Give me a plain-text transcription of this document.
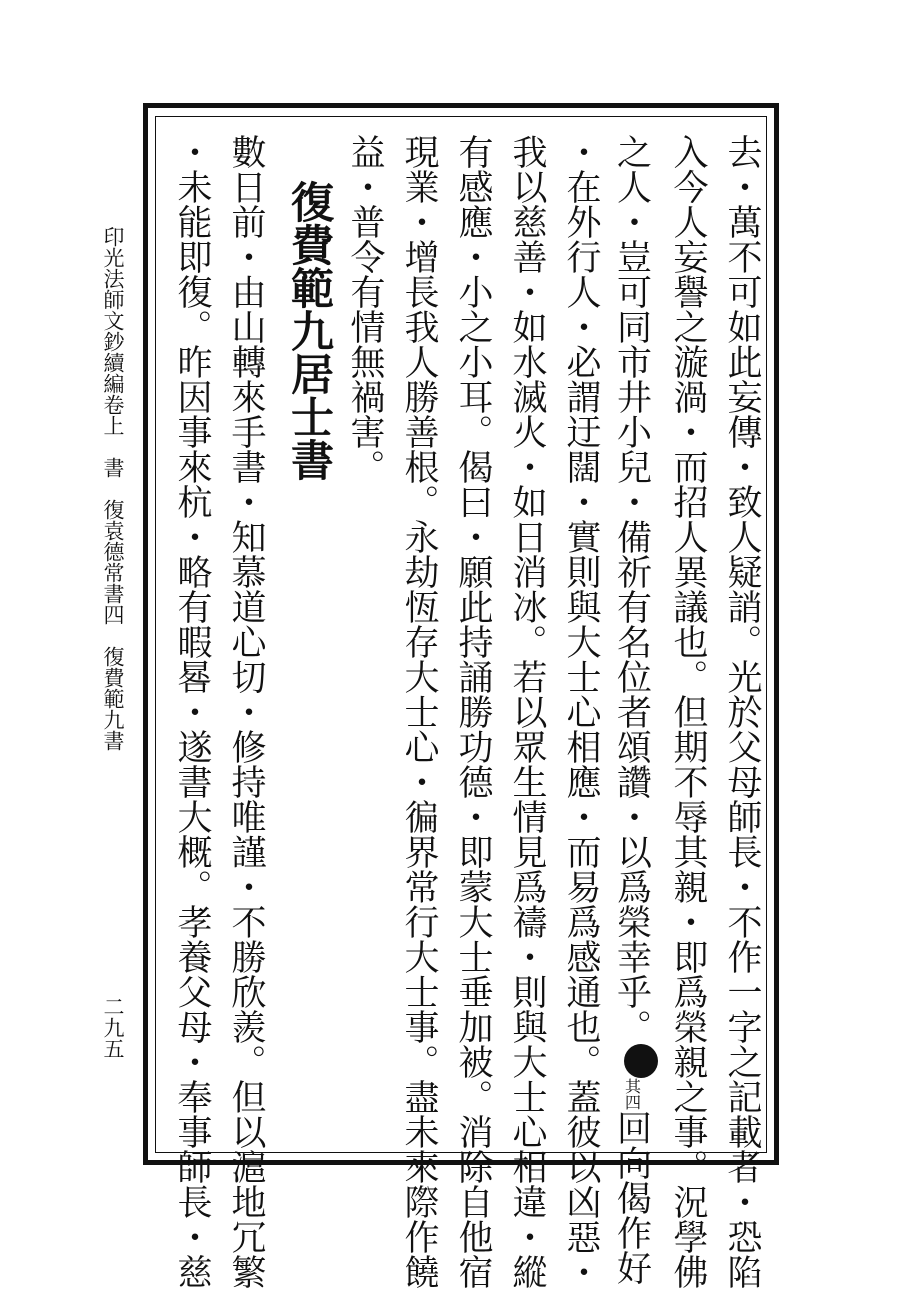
印光法師文鈔續編卷上　書　復袁德常書四　復費範九書
二九五	去・萬不可如此妄傳・致人疑誚。光於父母師長・不作一字之記載者・恐陷
入今人妄譽之漩渦・而招人異議也。但期不辱其親・即爲榮親之事。況學佛
之人・豈可同市井小兒・備祈有名位者頌讚・以爲榮幸乎。其四回向偈作好
・在外行人・必謂迂闊・實則與大士心相應・而易爲感通也。蓋彼以凶惡・
我以慈善・如水滅火・如日消冰。若以眾生情見爲禱・則與大士心相違・縱
有感應・小之小耳。偈曰・願此持誦勝功德・即蒙大士垂加被。消除自他宿
現業・增長我人勝善根。永劫恆存大士心・徧界常行大士事。盡未來際作饒
益・普令有情無禍害。
復費範九居士書
數日前・由山轉來手書・知慕道心切・修持唯謹・不勝欣羨。但以滬地冗繁
・未能即復。昨因事來杭・略有暇晷・遂書大概。孝養父母・奉事師長・慈
